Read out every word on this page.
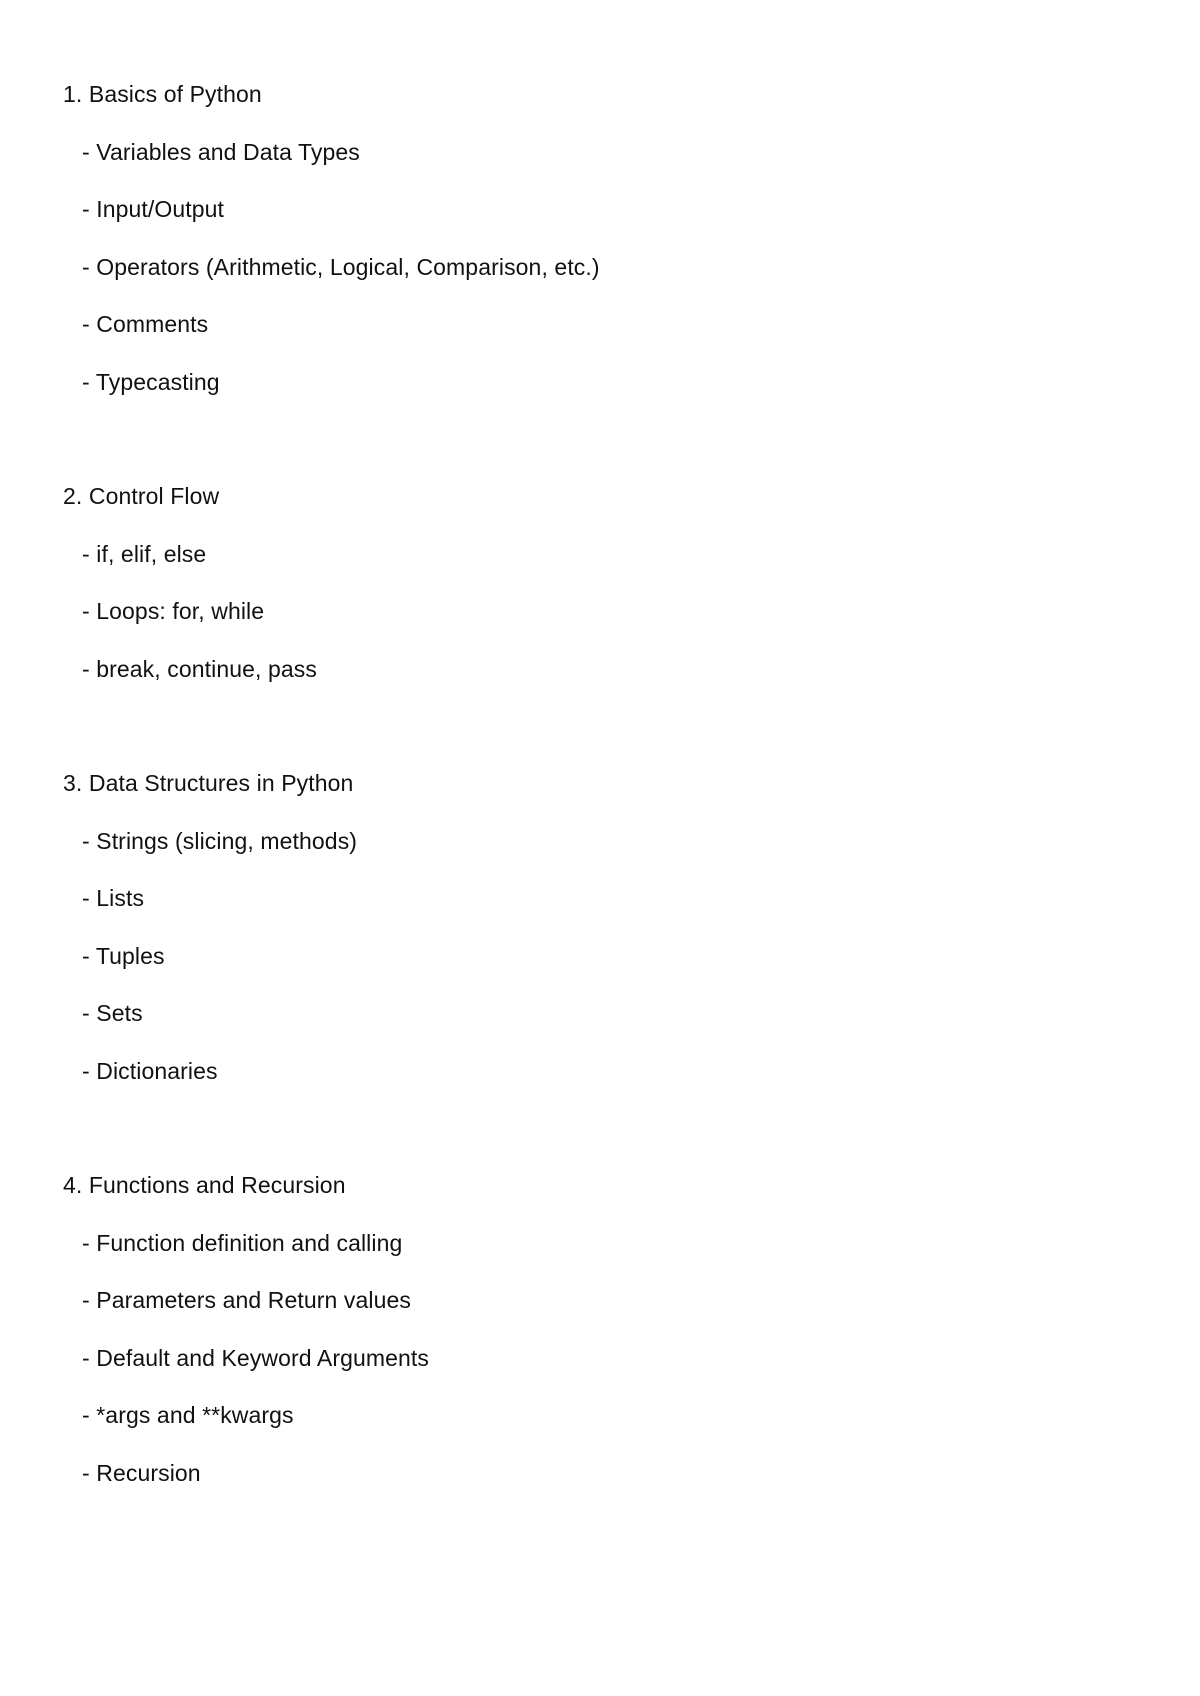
1. Basics of Python
- Variables and Data Types
- Input/Output
- Operators (Arithmetic, Logical, Comparison, etc.)
- Comments
- Typecasting
2. Control Flow
- if, elif, else
- Loops: for, while
- break, continue, pass
3. Data Structures in Python
- Strings (slicing, methods)
- Lists
- Tuples
- Sets
- Dictionaries
4. Functions and Recursion
- Function definition and calling
- Parameters and Return values
- Default and Keyword Arguments
- *args and **kwargs
- Recursion
